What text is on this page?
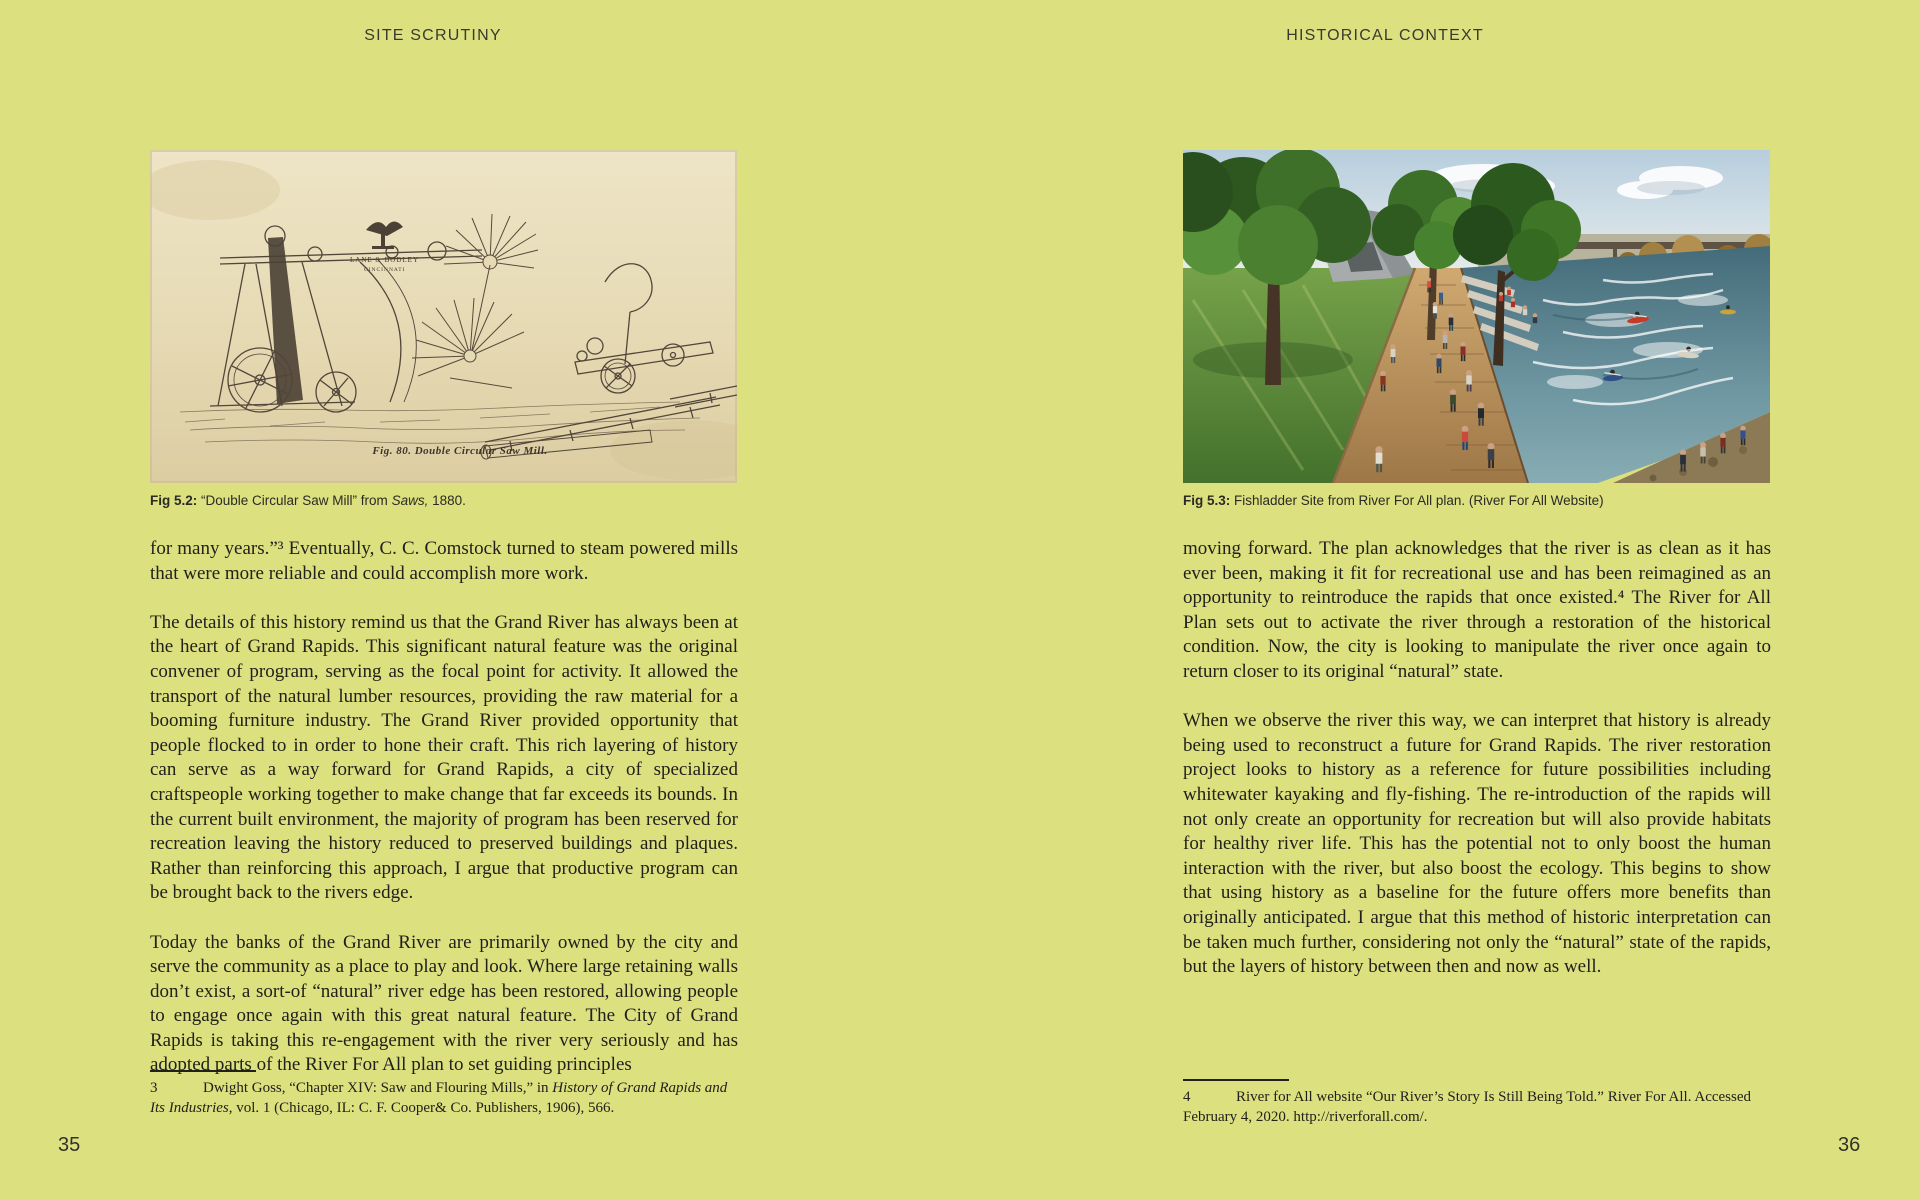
SITE SCRUTINY
LANE & BODLEY
CINCINNATI
Fig. 80. Double Circular Saw Mill.
Fig 5.2: “Double Circular Saw Mill” from Saws, 1880.

for many years.”³ Eventually, C. C. Comstock turned to steam powered mills that were more reliable and could accomplish more work.

The details of this history remind us that the Grand River has always been at the heart of Grand Rapids. This significant natural feature was the original convener of program, serving as the focal point for activity. It allowed the transport of the natural lumber resources, providing the raw material for a booming furniture industry. The Grand River provided opportunity that people flocked to in order to hone their craft. This rich layering of history can serve as a way forward for Grand Rapids, a city of specialized craftspeople working together to make change that far exceeds its bounds. In the current built environment, the majority of program has been reserved for recreation leaving the history reduced to preserved buildings and plaques. Rather than reinforcing this approach, I argue that productive program can be brought back to the rivers edge.

Today the banks of the Grand River are primarily owned by the city and serve the community as a place to play and look. Where large retaining walls don’t exist, a sort-of “natural” river edge has been restored, allowing people to engage once again with this great natural feature. The City of Grand Rapids is taking this re-engagement with the river very seriously and has adopted parts of the River For All plan to set guiding principles

3	Dwight Goss, “Chapter XIV: Saw and Flouring Mills,” in History of Grand Rapids and Its Industries, vol. 1 (Chicago, IL: C. F. Cooper& Co. Publishers, 1906), 566.
35
HISTORICAL CONTEXT
Fig 5.3: Fishladder Site from River For All plan. (River For All Website)

moving forward. The plan acknowledges that the river is as clean as it has ever been, making it fit for recreational use and has been reimagined as an opportunity to reintroduce the rapids that once existed.⁴ The River for All Plan sets out to activate the river through a restoration of the historical condition. Now, the city is looking to manipulate the river once again to return closer to its original “natural” state.

When we observe the river this way, we can interpret that history is already being used to reconstruct a future for Grand Rapids. The river restoration project looks to history as a reference for future possibilities including whitewater kayaking and fly-fishing. The re-introduction of the rapids will not only create an opportunity for recreation but will also provide habitats for healthy river life. This has the potential not to only boost the human interaction with the river, but also boost the ecology. This begins to show that using history as a baseline for the future offers more benefits than originally anticipated. I argue that this method of historic interpretation can be taken much further, considering not only the “natural” state of the rapids, but the layers of history between then and now as well.

4	River for All website “Our River’s Story Is Still Being Told.” River For All. Accessed February 4, 2020. http://riverforall.com/.
36
